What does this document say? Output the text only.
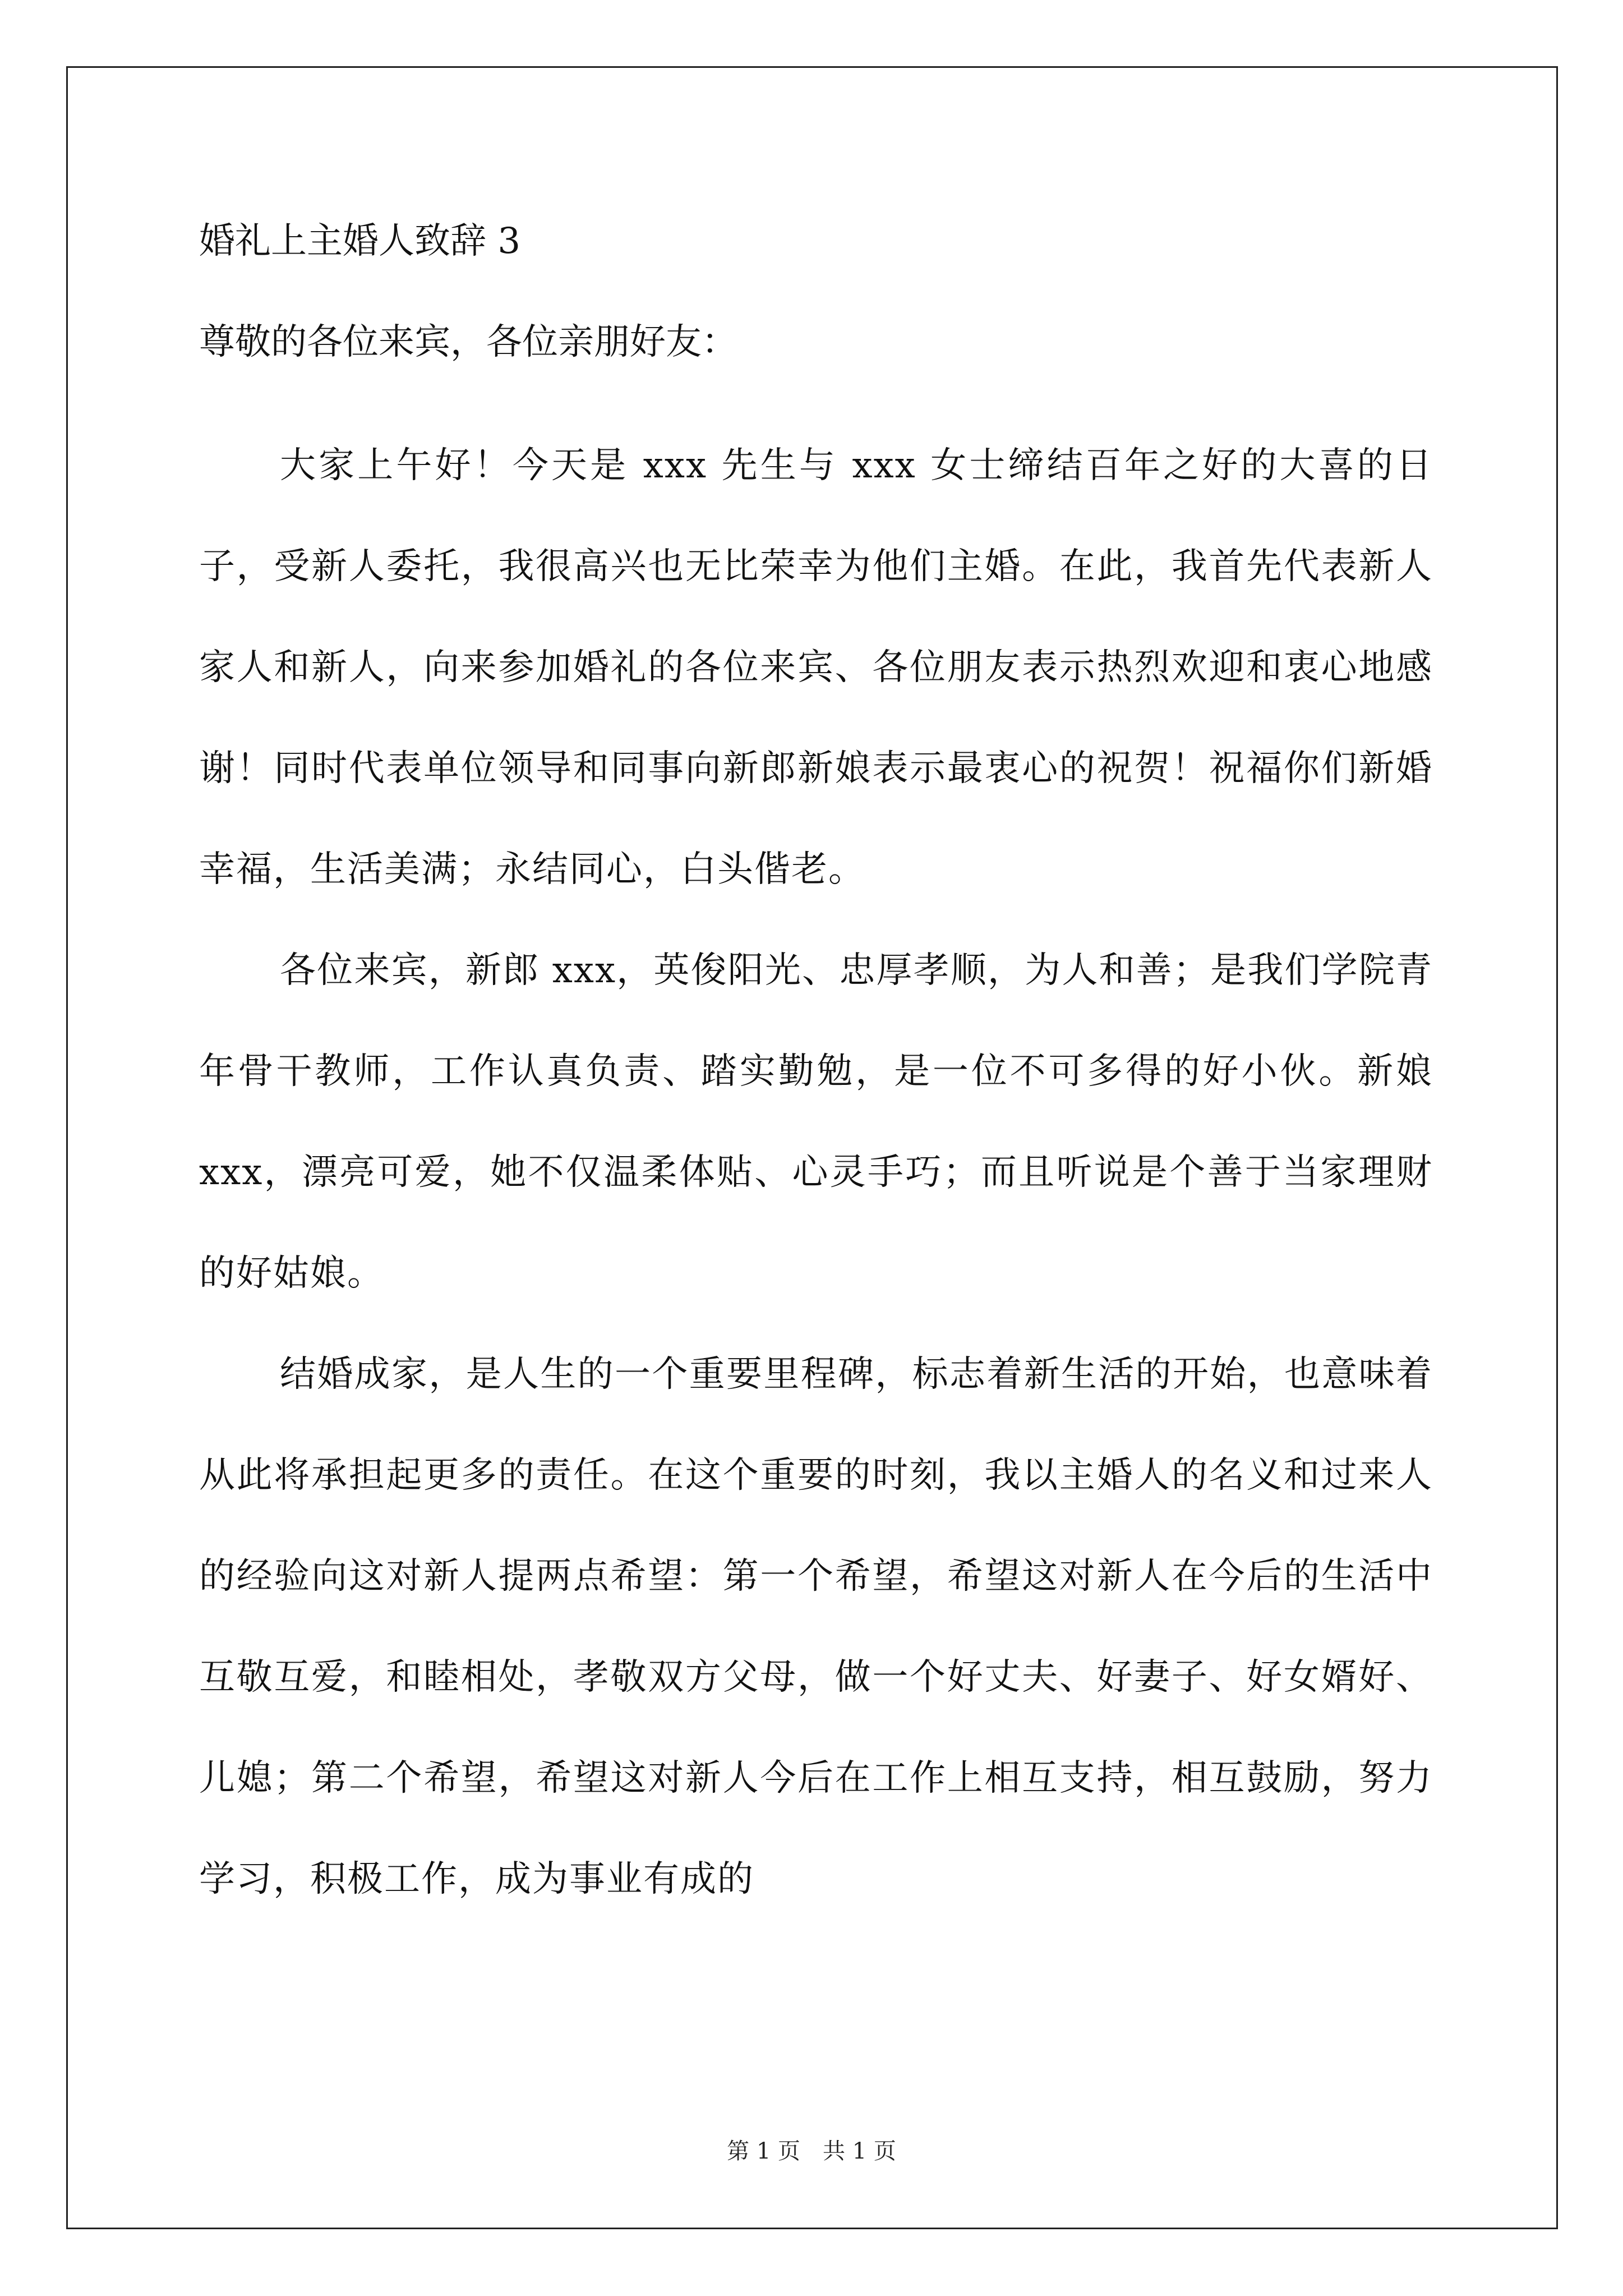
婚礼上主婚人致辞 3
尊敬的各位来宾，各位亲朋好友：

大家上午好！今天是 xxx 先生与 xxx 女士缔结百年之好的大喜的日子，受新人委托，我很高兴也无比荣幸为他们主婚。在此，我首先代表新人家人和新人，向来参加婚礼的各位来宾、各位朋友表示热烈欢迎和衷心地感谢！同时代表单位领导和同事向新郎新娘表示最衷心的祝贺！祝福你们新婚幸福，生活美满；永结同心，白头偕老。

各位来宾，新郎 xxx，英俊阳光、忠厚孝顺，为人和善；是我们学院青年骨干教师，工作认真负责、踏实勤勉，是一位不可多得的好小伙。新娘 xxx，漂亮可爱，她不仅温柔体贴、心灵手巧；而且听说是个善于当家理财的好姑娘。

结婚成家，是人生的一个重要里程碑，标志着新生活的开始，也意味着从此将承担起更多的责任。在这个重要的时刻，我以主婚人的名义和过来人的经验向这对新人提两点希望：第一个希望，希望这对新人在今后的生活中互敬互爱，和睦相处，孝敬双方父母，做一个好丈夫、好妻子、好女婿好、儿媳；第二个希望，希望这对新人今后在工作上相互支持，相互鼓励，努力学习，积极工作，成为事业有成的

第 1 页　共 1 页
